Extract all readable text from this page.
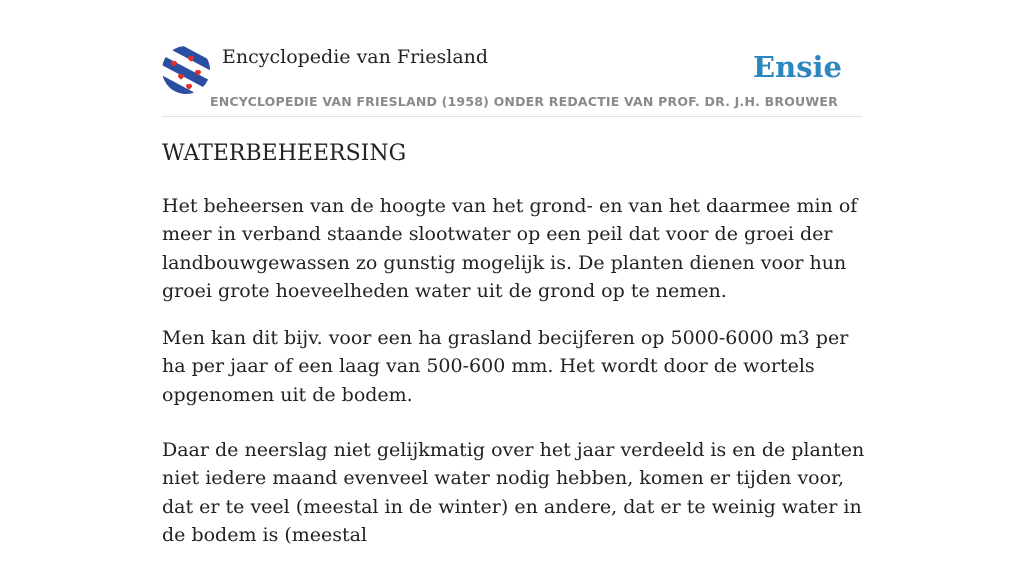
Encyclopedie van Friesland
ENCYCLOPEDIE VAN FRIESLAND (1958) ONDER REDACTIE VAN PROF. DR. J.H. BROUWER
Ensie
WATERBEHEERSING

Het beheersen van de hoogte van het grond- en van het daarmee min of meer in verband staande slootwater op een peil dat voor de groei der landbouwgewassen zo gunstig mogelijk is. De planten dienen voor hun groei grote hoeveelheden water uit de grond op te nemen.

Men kan dit bijv. voor een ha grasland becijferen op 5000-6000 m3 per ha per jaar of een laag van 500-600 mm. Het wordt door de wortels opgenomen uit de bodem.

Daar de neerslag niet gelijkmatig over het jaar verdeeld is en de planten niet iedere maand evenveel water nodig hebben, komen er tijden voor, dat er te veel (meestal in de winter) en andere, dat er te weinig water in de bodem is (meestal
